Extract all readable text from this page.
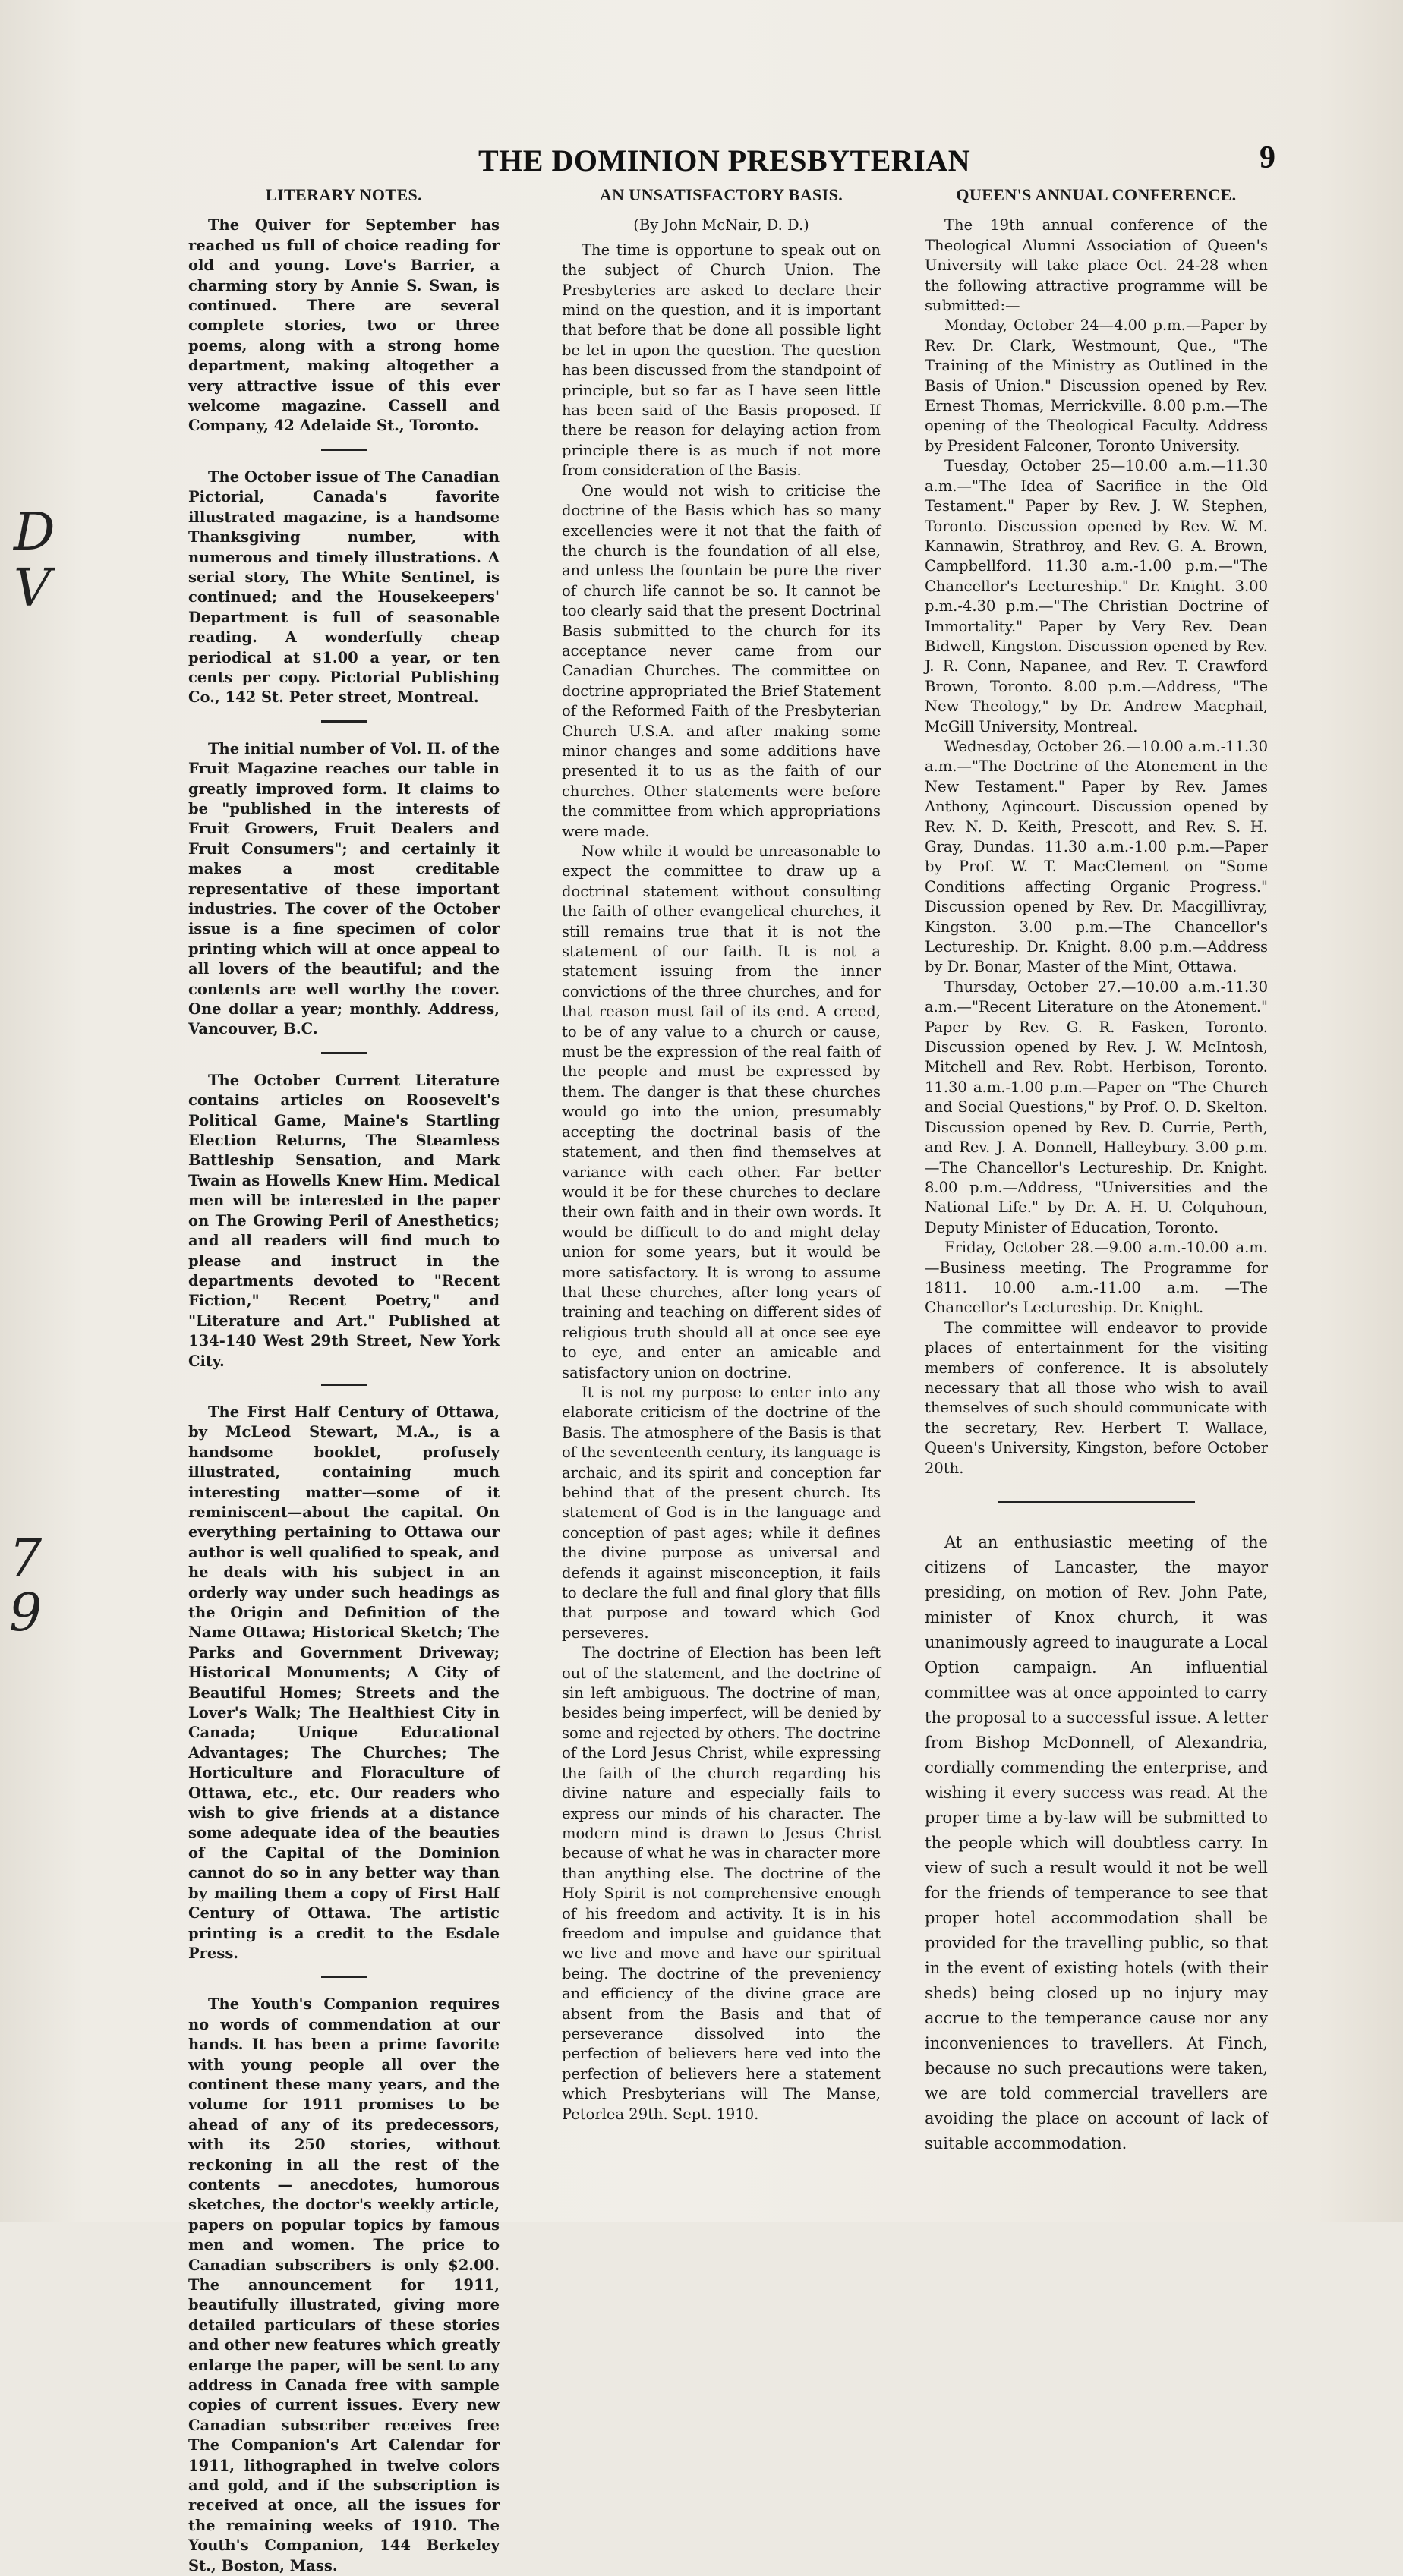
D
V
7
9
THE DOMINION PRESBYTERIAN	9
LITERARY NOTES.

The Quiver for September has reached us full of choice reading for old and young. Love's Barrier, a charming story by Annie S. Swan, is continued. There are several complete stories, two or three poems, along with a strong home department, making altogether a very attractive issue of this ever welcome magazine. Cassell and Company, 42 Adelaide St., Toronto.

The October issue of The Canadian Pictorial, Canada's favorite illustrated magazine, is a handsome Thanksgiving number, with numerous and timely illustrations. A serial story, The White Sentinel, is continued; and the Housekeepers' Department is full of seasonable reading. A wonderfully cheap periodical at $1.00 a year, or ten cents per copy. Pictorial Publishing Co., 142 St. Peter street, Montreal.

The initial number of Vol. II. of the Fruit Magazine reaches our table in greatly improved form. It claims to be "published in the interests of Fruit Growers, Fruit Dealers and Fruit Consumers"; and certainly it makes a most creditable representative of these important industries. The cover of the October issue is a fine specimen of color printing which will at once appeal to all lovers of the beautiful; and the contents are well worthy the cover. One dollar a year; monthly. Address, Vancouver, B.C.

The October Current Literature contains articles on Roosevelt's Political Game, Maine's Startling Election Returns, The Steamless Battleship Sensation, and Mark Twain as Howells Knew Him. Medical men will be interested in the paper on The Growing Peril of Anesthetics; and all readers will find much to please and instruct in the departments devoted to "Recent Fiction," Recent Poetry," and "Literature and Art." Published at 134-140 West 29th Street, New York City.

The First Half Century of Ottawa, by McLeod Stewart, M.A., is a handsome booklet, profusely illustrated, containing much interesting matter—some of it reminiscent—about the capital. On everything pertaining to Ottawa our author is well qualified to speak, and he deals with his subject in an orderly way under such headings as the Origin and Definition of the Name Ottawa; Historical Sketch; The Parks and Government Driveway; Historical Monuments; A City of Beautiful Homes; Streets and the Lover's Walk; The Healthiest City in Canada; Unique Educational Advantages; The Churches; The Horticulture and Floraculture of Ottawa, etc., etc. Our readers who wish to give friends at a distance some adequate idea of the beauties of the Capital of the Dominion cannot do so in any better way than by mailing them a copy of First Half Century of Ottawa. The artistic printing is a credit to the Esdale Press.

The Youth's Companion requires no words of commendation at our hands. It has been a prime favorite with young people all over the continent these many years, and the volume for 1911 promises to be ahead of any of its predecessors, with its 250 stories, without reckoning in all the rest of the contents — anecdotes, humorous sketches, the doctor's weekly article, papers on popular topics by famous men and women. The price to Canadian subscribers is only $2.00. The announcement for 1911, beautifully illustrated, giving more detailed particulars of these stories and other new features which greatly enlarge the paper, will be sent to any address in Canada free with sample copies of current issues. Every new Canadian subscriber receives free The Companion's Art Calendar for 1911, lithographed in twelve colors and gold, and if the subscription is received at once, all the issues for the remaining weeks of 1910. The Youth's Companion, 144 Berkeley St., Boston, Mass.

AN UNSATISFACTORY BASIS.

(By John McNair, D. D.)

The time is opportune to speak out on the subject of Church Union. The Presbyteries are asked to declare their mind on the question, and it is important that before that be done all possible light be let in upon the question. The question has been discussed from the standpoint of principle, but so far as I have seen little has been said of the Basis proposed. If there be reason for delaying action from principle there is as much if not more from consideration of the Basis.

One would not wish to criticise the doctrine of the Basis which has so many excellencies were it not that the faith of the church is the foundation of all else, and unless the fountain be pure the river of church life cannot be so. It cannot be too clearly said that the present Doctrinal Basis submitted to the church for its acceptance never came from our Canadian Churches. The committee on doctrine appropriated the Brief Statement of the Reformed Faith of the Presbyterian Church U.S.A. and after making some minor changes and some additions have presented it to us as the faith of our churches. Other statements were before the committee from which appropriations were made.

Now while it would be unreasonable to expect the committee to draw up a doctrinal statement without consulting the faith of other evangelical churches, it still remains true that it is not the statement of our faith. It is not a statement issuing from the inner convictions of the three churches, and for that reason must fail of its end. A creed, to be of any value to a church or cause, must be the expression of the real faith of the people and must be expressed by them. The danger is that these churches would go into the union, presumably accepting the doctrinal basis of the statement, and then find themselves at variance with each other. Far better would it be for these churches to declare their own faith and in their own words. It would be difficult to do and might delay union for some years, but it would be more satisfactory. It is wrong to assume that these churches, after long years of training and teaching on different sides of religious truth should all at once see eye to eye, and enter an amicable and satisfactory union on doctrine.

It is not my purpose to enter into any elaborate criticism of the doctrine of the Basis. The atmosphere of the Basis is that of the seventeenth century, its language is archaic, and its spirit and conception far behind that of the present church. Its statement of God is in the language and conception of past ages; while it defines the divine purpose as universal and defends it against misconception, it fails to declare the full and final glory that fills that purpose and toward which God perseveres.

The doctrine of Election has been left out of the statement, and the doctrine of sin left ambiguous. The doctrine of man, besides being imperfect, will be denied by some and rejected by others. The doctrine of the Lord Jesus Christ, while expressing the faith of the church regarding his divine nature and especially fails to express our minds of his character. The modern mind is drawn to Jesus Christ because of what he was in character more than anything else. The doctrine of the Holy Spirit is not comprehensive enough of his freedom and activity. It is in his freedom and impulse and guidance that we live and move and have our spiritual being. The doctrine of the preveniency and efficiency of the divine grace are absent from the Basis and that of perseverance dissolved into the perfection of believers here ved into the perfection of believers here a statement which Presbyterians will The Manse, Petorlea 29th. Sept. 1910.

QUEEN'S ANNUAL CONFERENCE.

The 19th annual conference of the Theological Alumni Association of Queen's University will take place Oct. 24-28 when the following attractive programme will be submitted:—

Monday, October 24—4.00 p.m.—Paper by Rev. Dr. Clark, Westmount, Que., "The Training of the Ministry as Outlined in the Basis of Union." Discussion opened by Rev. Ernest Thomas, Merrickville. 8.00 p.m.—The opening of the Theological Faculty. Address by President Falconer, Toronto University.

Tuesday, October 25—10.00 a.m.—11.30 a.m.—"The Idea of Sacrifice in the Old Testament." Paper by Rev. J. W. Stephen, Toronto. Discussion opened by Rev. W. M. Kannawin, Strathroy, and Rev. G. A. Brown, Campbellford. 11.30 a.m.-1.00 p.m.—"The Chancellor's Lectureship." Dr. Knight. 3.00 p.m.-4.30 p.m.—"The Christian Doctrine of Immortality." Paper by Very Rev. Dean Bidwell, Kingston. Discussion opened by Rev. J. R. Conn, Napanee, and Rev. T. Crawford Brown, Toronto. 8.00 p.m.—Address, "The New Theology," by Dr. Andrew Macphail, McGill University, Montreal.

Wednesday, October 26.—10.00 a.m.-11.30 a.m.—"The Doctrine of the Atonement in the New Testament." Paper by Rev. James Anthony, Agincourt. Discussion opened by Rev. N. D. Keith, Prescott, and Rev. S. H. Gray, Dundas. 11.30 a.m.-1.00 p.m.—Paper by Prof. W. T. MacClement on "Some Conditions affecting Organic Progress." Discussion opened by Rev. Dr. Macgillivray, Kingston. 3.00 p.m.—The Chancellor's Lectureship. Dr. Knight. 8.00 p.m.—Address by Dr. Bonar, Master of the Mint, Ottawa.

Thursday, October 27.—10.00 a.m.-11.30 a.m.—"Recent Literature on the Atonement." Paper by Rev. G. R. Fasken, Toronto. Discussion opened by Rev. J. W. McIntosh, Mitchell and Rev. Robt. Herbison, Toronto. 11.30 a.m.-1.00 p.m.—Paper on "The Church and Social Questions," by Prof. O. D. Skelton. Discussion opened by Rev. D. Currie, Perth, and Rev. J. A. Donnell, Halleybury. 3.00 p.m.—The Chancellor's Lectureship. Dr. Knight. 8.00 p.m.—Address, "Universities and the National Life." by Dr. A. H. U. Colquhoun, Deputy Minister of Education, Toronto.

Friday, October 28.—9.00 a.m.-10.00 a.m.—Business meeting. The Programme for 1811. 10.00 a.m.-11.00 a.m. —The Chancellor's Lectureship. Dr. Knight.

The committee will endeavor to provide places of entertainment for the visiting members of conference. It is absolutely necessary that all those who wish to avail themselves of such should communicate with the secretary, Rev. Herbert T. Wallace, Queen's University, Kingston, before October 20th.

At an enthusiastic meeting of the citizens of Lancaster, the mayor presiding, on motion of Rev. John Pate, minister of Knox church, it was unanimously agreed to inaugurate a Local Option campaign. An influential committee was at once appointed to carry the proposal to a successful issue. A letter from Bishop McDonnell, of Alexandria, cordially commending the enterprise, and wishing it every success was read. At the proper time a by-law will be submitted to the people which will doubtless carry. In view of such a result would it not be well for the friends of temperance to see that proper hotel accommodation shall be provided for the travelling public, so that in the event of existing hotels (with their sheds) being closed up no injury may accrue to the temperance cause nor any inconveniences to travellers. At Finch, because no such precautions were taken, we are told commercial travellers are avoiding the place on account of lack of suitable accommodation.
